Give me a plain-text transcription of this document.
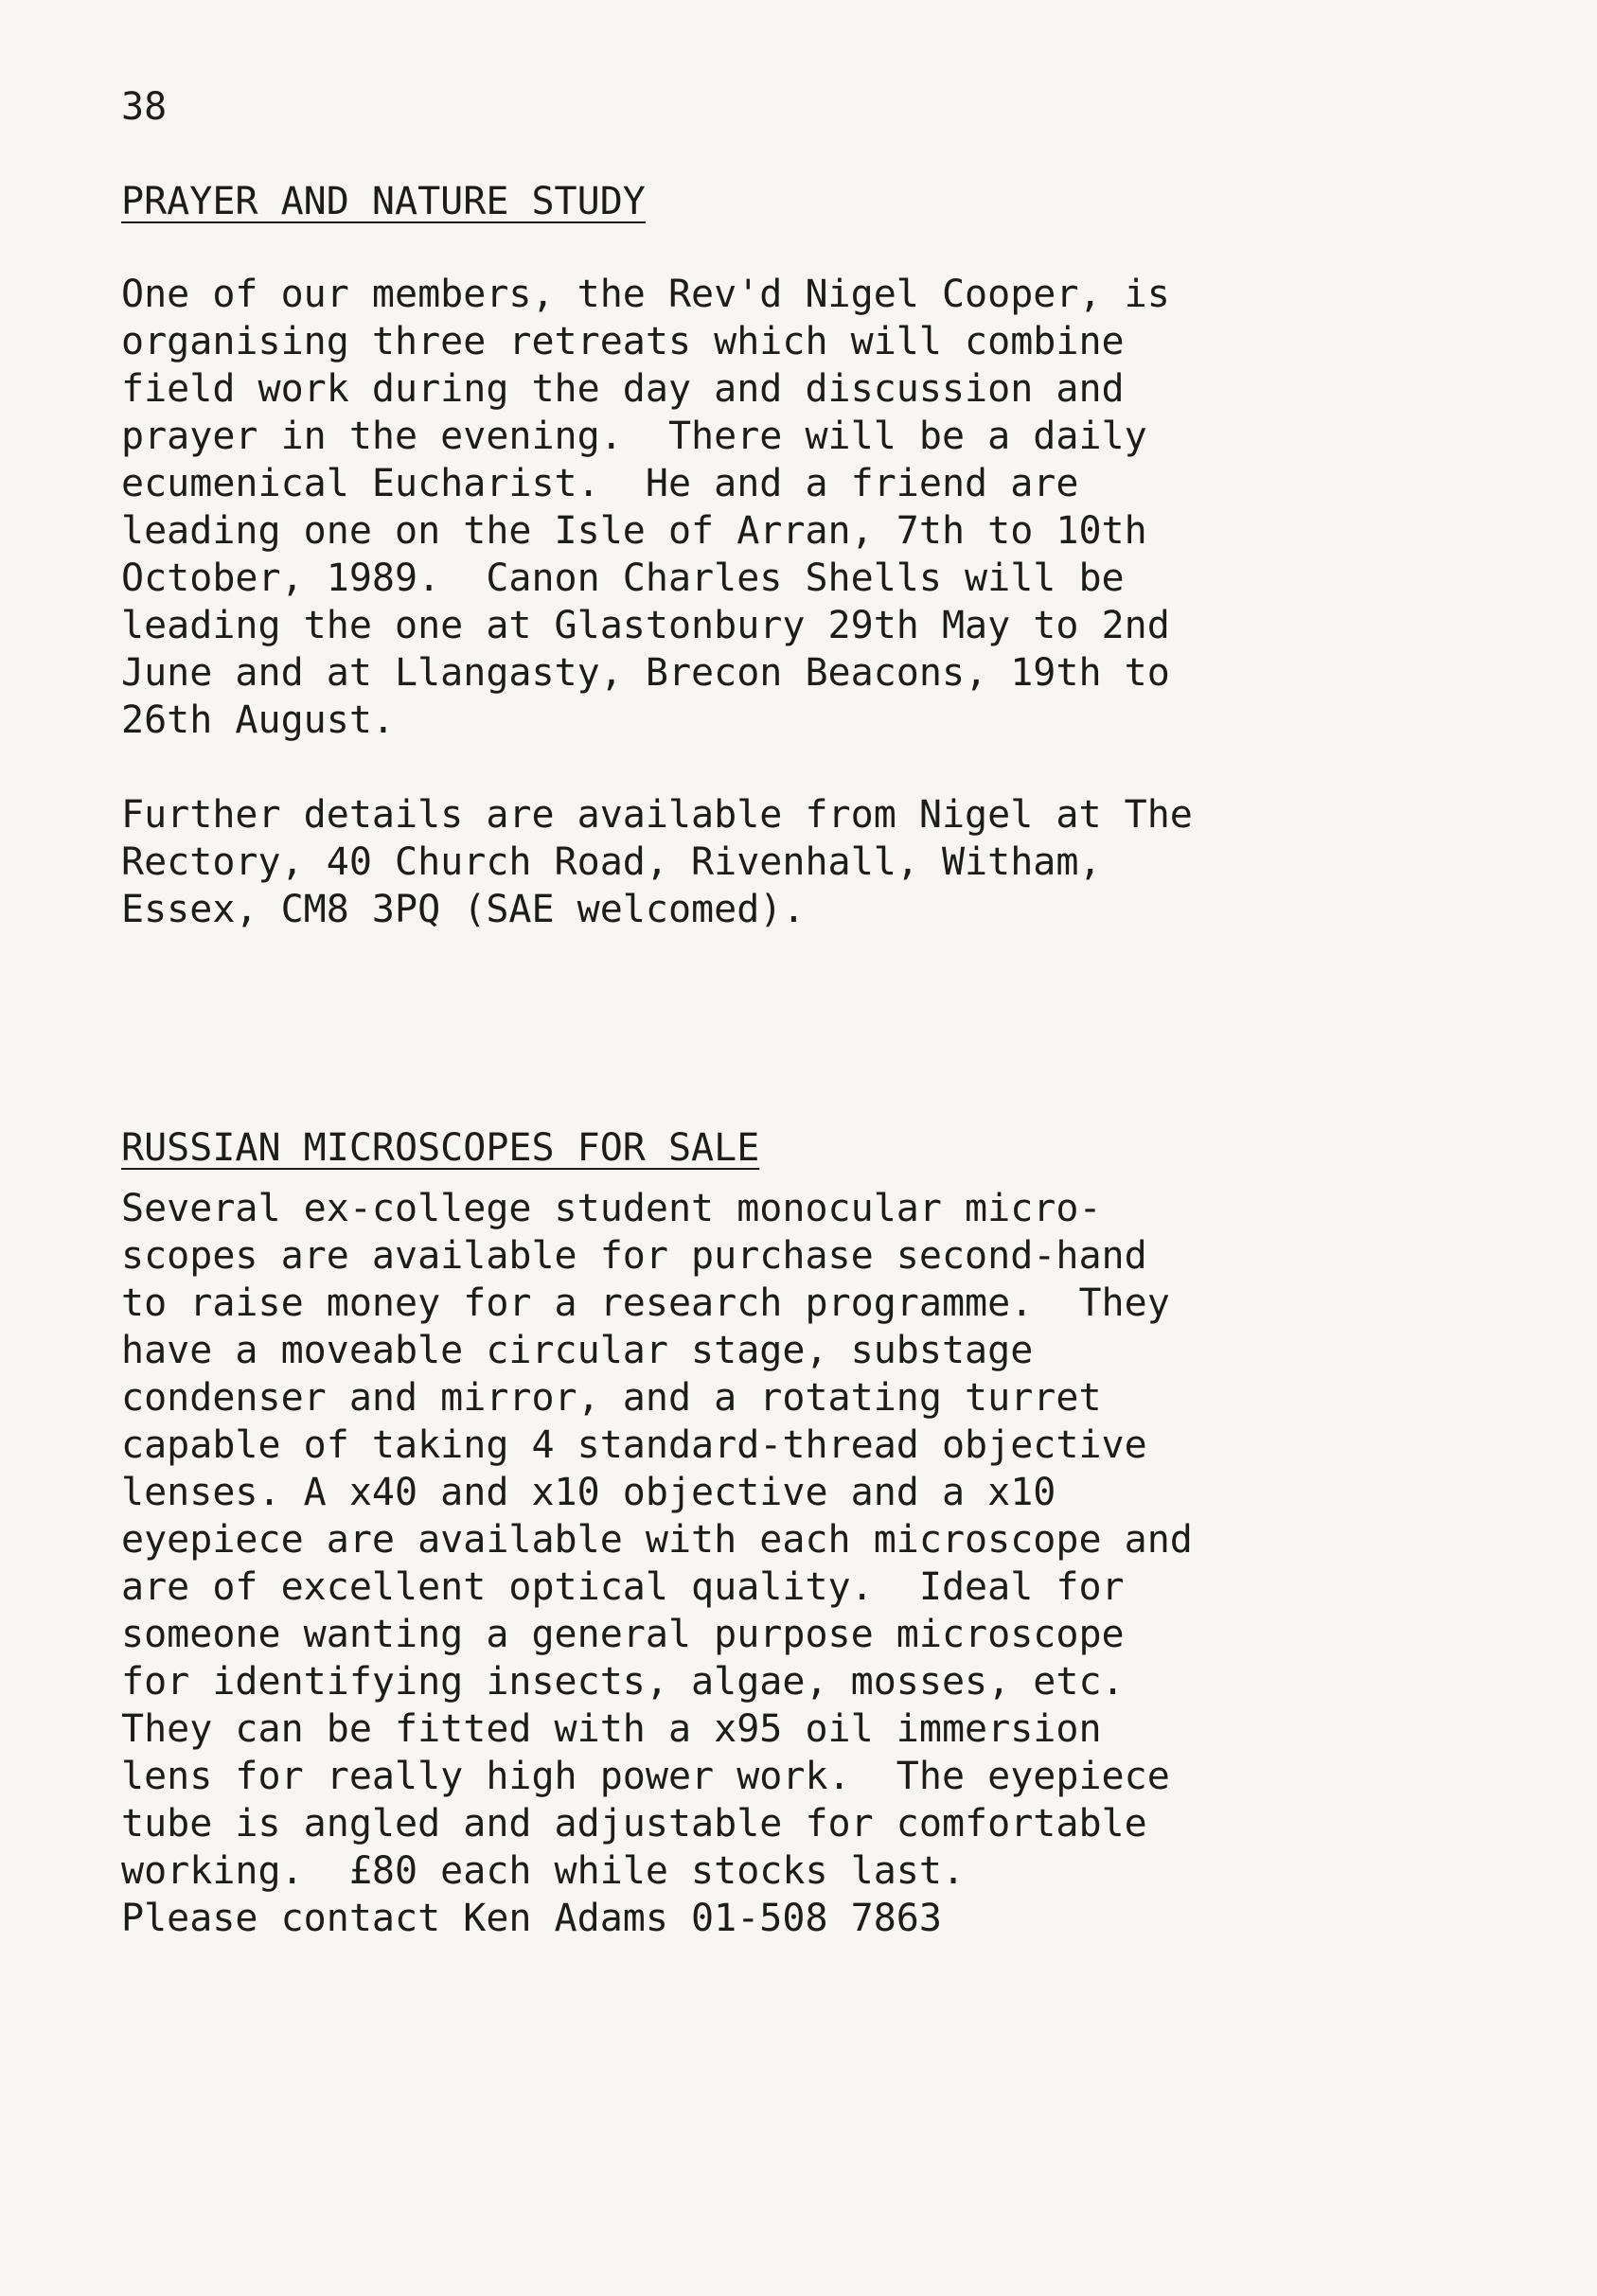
38
PRAYER AND NATURE STUDY

One of our members, the Rev'd Nigel Cooper, is
organising three retreats which will combine
field work during the day and discussion and
prayer in the evening.  There will be a daily
ecumenical Eucharist.  He and a friend are
leading one on the Isle of Arran, 7th to 10th
October, 1989.  Canon Charles Shells will be
leading the one at Glastonbury 29th May to 2nd
June and at Llangasty, Brecon Beacons, 19th to
26th August.

Further details are available from Nigel at The
Rectory, 40 Church Road, Rivenhall, Witham,
Essex, CM8 3PQ (SAE welcomed).

RUSSIAN MICROSCOPES FOR SALE

Several ex-college student monocular micro-
scopes are available for purchase second-hand
to raise money for a research programme.  They
have a moveable circular stage, substage
condenser and mirror, and a rotating turret
capable of taking 4 standard-thread objective
lenses. A x40 and x10 objective and a x10
eyepiece are available with each microscope and
are of excellent optical quality.  Ideal for
someone wanting a general purpose microscope
for identifying insects, algae, mosses, etc.
They can be fitted with a x95 oil immersion
lens for really high power work.  The eyepiece
tube is angled and adjustable for comfortable
working.  £80 each while stocks last.
Please contact Ken Adams 01-508 7863
